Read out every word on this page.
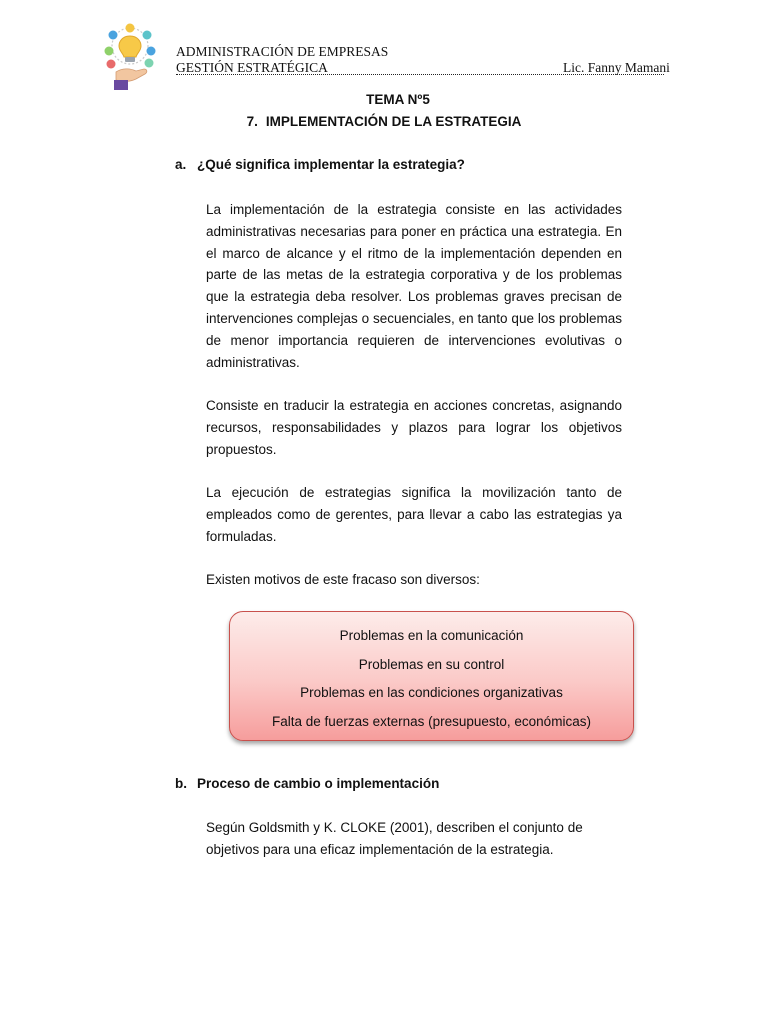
ADMINISTRACIÓN DE EMPRESAS
GESTIÓN ESTRATÉGICA	Lic. Fanny Mamani
TEMA Nº5
7. IMPLEMENTACIÓN DE LA ESTRATEGIA
a. ¿Qué significa implementar la estrategia?

La implementación de la estrategia consiste en las actividades administrativas necesarias para poner en práctica una estrategia. En el marco de alcance y el ritmo de la implementación dependen en parte de las metas de la estrategia corporativa y de los problemas que la estrategia deba resolver. Los problemas graves precisan de intervenciones complejas o secuenciales, en tanto que los problemas de menor importancia requieren de intervenciones evolutivas o administrativas.

Consiste en traducir la estrategia en acciones concretas, asignando recursos, responsabilidades y plazos para lograr los objetivos propuestos.

La ejecución de estrategias significa la movilización tanto de empleados como de gerentes, para llevar a cabo las estrategias ya formuladas.

Existen motivos de este fracaso son diversos:

Problemas en la comunicación
Problemas en su control
Problemas en las condiciones organizativas
Falta de fuerzas externas (presupuesto, económicas)
b. Proceso de cambio o implementación
Según Goldsmith y K. CLOKE (2001), describen el conjunto de
objetivos para una eficaz implementación de la estrategia.
